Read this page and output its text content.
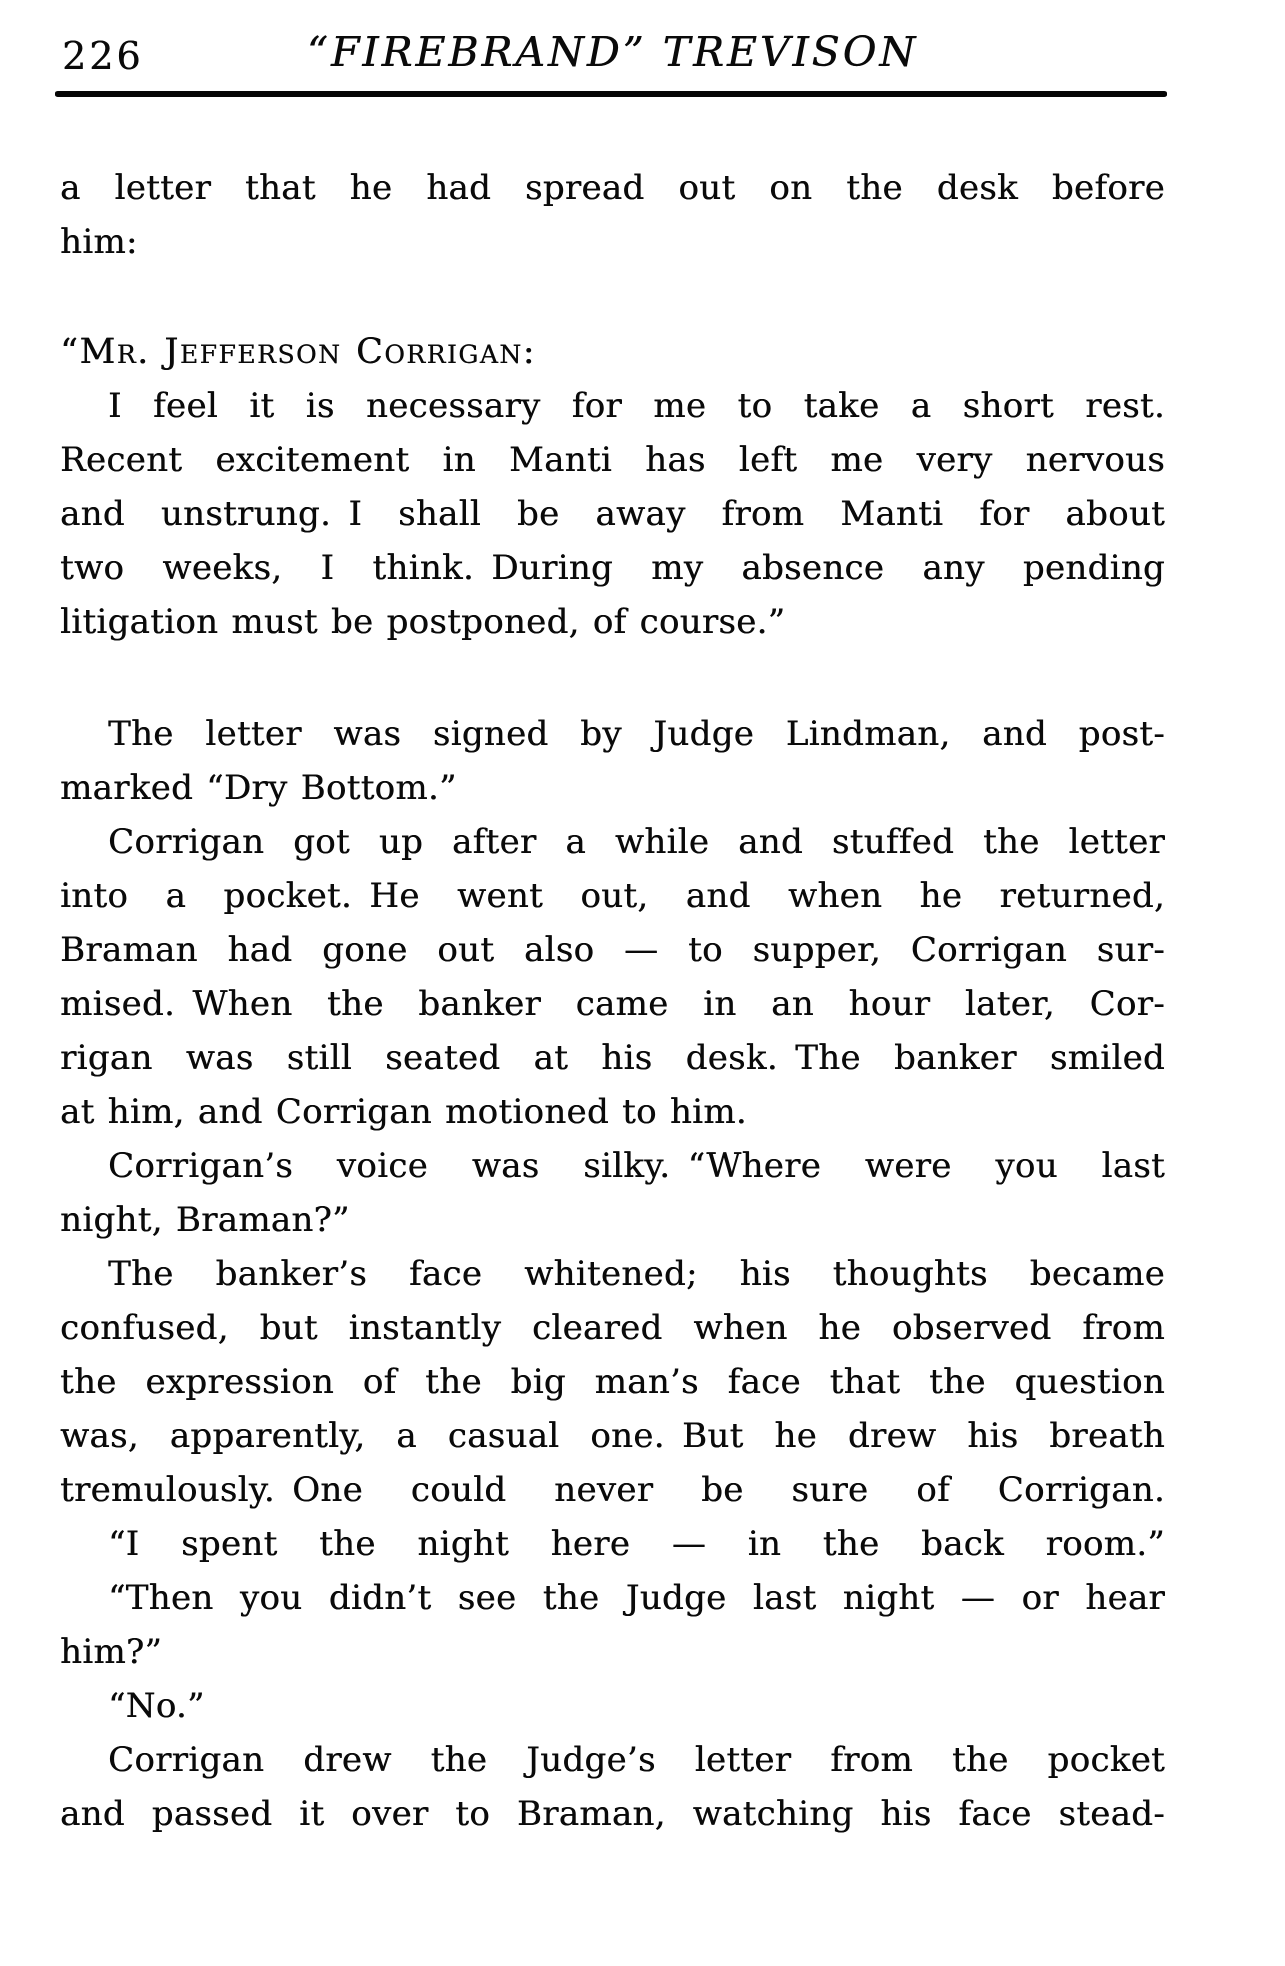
226	“FIREBRAND” TREVISON
a letter that he had spread out on the desk before
him:
“Mr. Jefferson Corrigan:
I feel it is necessary for me to take a short rest.
Recent excitement in Manti has left me very nervous
and unstrung. I shall be away from Manti for about
two weeks, I think. During my absence any pending
litigation must be postponed, of course.”
The letter was signed by Judge Lindman, and post-
marked “Dry Bottom.”
Corrigan got up after a while and stuffed the letter
into a pocket. He went out, and when he returned,
Braman had gone out also — to supper, Corrigan sur-
mised. When the banker came in an hour later, Cor-
rigan was still seated at his desk. The banker smiled
at him, and Corrigan motioned to him.
Corrigan’s voice was silky. “Where were you last
night, Braman?”
The banker’s face whitened; his thoughts became
confused, but instantly cleared when he observed from
the expression of the big man’s face that the question
was, apparently, a casual one. But he drew his breath
tremulously. One could never be sure of Corrigan.
“I spent the night here — in the back room.”
“Then you didn’t see the Judge last night — or hear
him?”
“No.”
Corrigan drew the Judge’s letter from the pocket
and passed it over to Braman, watching his face stead-
